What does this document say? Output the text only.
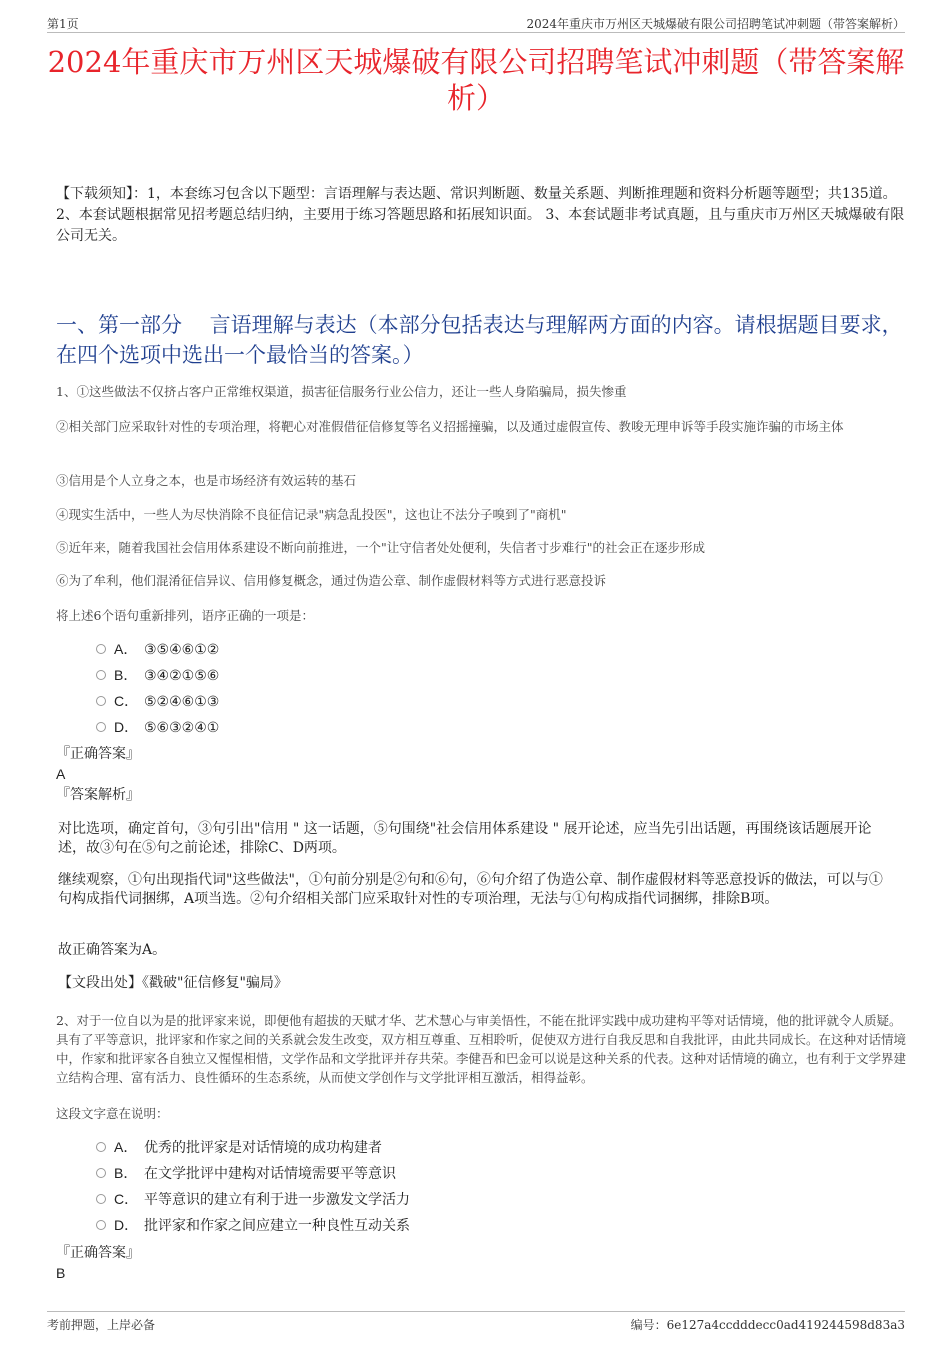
第1页	2024年重庆市万州区天城爆破有限公司招聘笔试冲刺题（带答案解析）
2024年重庆市万州区天城爆破有限公司招聘笔试冲刺题（带答案解析）
【下载须知】：1，本套练习包含以下题型：言语理解与表达题、常识判断题、数量关系题、判断推理题和资料分析题等题型；共135道。 2、本套试题根据常见招考题总结归纳，主要用于练习答题思路和拓展知识面。 3、本套试题非考试真题，且与重庆市万州区天城爆破有限公司无关。
一、第一部分　 言语理解与表达（本部分包括表达与理解两方面的内容。请根据题目要求，在四个选项中选出一个最恰当的答案。）
1、①这些做法不仅挤占客户正常维权渠道，损害征信服务行业公信力，还让一些人身陷骗局，损失惨重
②相关部门应采取针对性的专项治理，将靶心对准假借征信修复等名义招摇撞骗，以及通过虚假宣传、教唆无理申诉等手段实施诈骗的市场主体
③信用是个人立身之本，也是市场经济有效运转的基石
④现实生活中，一些人为尽快消除不良征信记录"病急乱投医"，这也让不法分子嗅到了"商机"
⑤近年来，随着我国社会信用体系建设不断向前推进，一个"让守信者处处便利，失信者寸步难行"的社会正在逐步形成
⑥为了牟利，他们混淆征信异议、信用修复概念，通过伪造公章、制作虚假材料等方式进行恶意投诉
将上述6个语句重新排列，语序正确的一项是：
A． ③⑤④⑥①②
B． ③④②①⑤⑥
C． ⑤②④⑥①③
D． ⑤⑥③②④①
『正确答案』
A
『答案解析』
对比选项，确定首句，③句引出"信用 " 这一话题，⑤句围绕"社会信用体系建设 " 展开论述，应当先引出话题，再围绕该话题展开论述，故③句在⑤句之前论述，排除C、D两项。
继续观察，①句出现指代词"这些做法"，①句前分别是②句和⑥句，⑥句介绍了伪造公章、制作虚假材料等恶意投诉的做法，可以与①句构成指代词捆绑，A项当选。②句介绍相关部门应采取针对性的专项治理，无法与①句构成指代词捆绑，排除B项。
故正确答案为A。
【文段出处】《戳破"征信修复"骗局》
2、对于一位自以为是的批评家来说，即便他有超拔的天赋才华、艺术慧心与审美悟性，不能在批评实践中成功建构平等对话情境，他的批评就令人质疑。具有了平等意识，批评家和作家之间的关系就会发生改变，双方相互尊重、互相聆听，促使双方进行自我反思和自我批评，由此共同成长。在这种对话情境中，作家和批评家各自独立又惺惺相惜，文学作品和文学批评并存共荣。李健吾和巴金可以说是这种关系的代表。这种对话情境的确立，也有利于文学界建立结构合理、富有活力、良性循环的生态系统，从而使文学创作与文学批评相互激活，相得益彰。
这段文字意在说明：
A． 优秀的批评家是对话情境的成功构建者
B． 在文学批评中建构对话情境需要平等意识
C． 平等意识的建立有利于进一步激发文学活力
D． 批评家和作家之间应建立一种良性互动关系
『正确答案』
B
考前押题，上岸必备	编号：6e127a4ccdddecc0ad419244598d83a3
